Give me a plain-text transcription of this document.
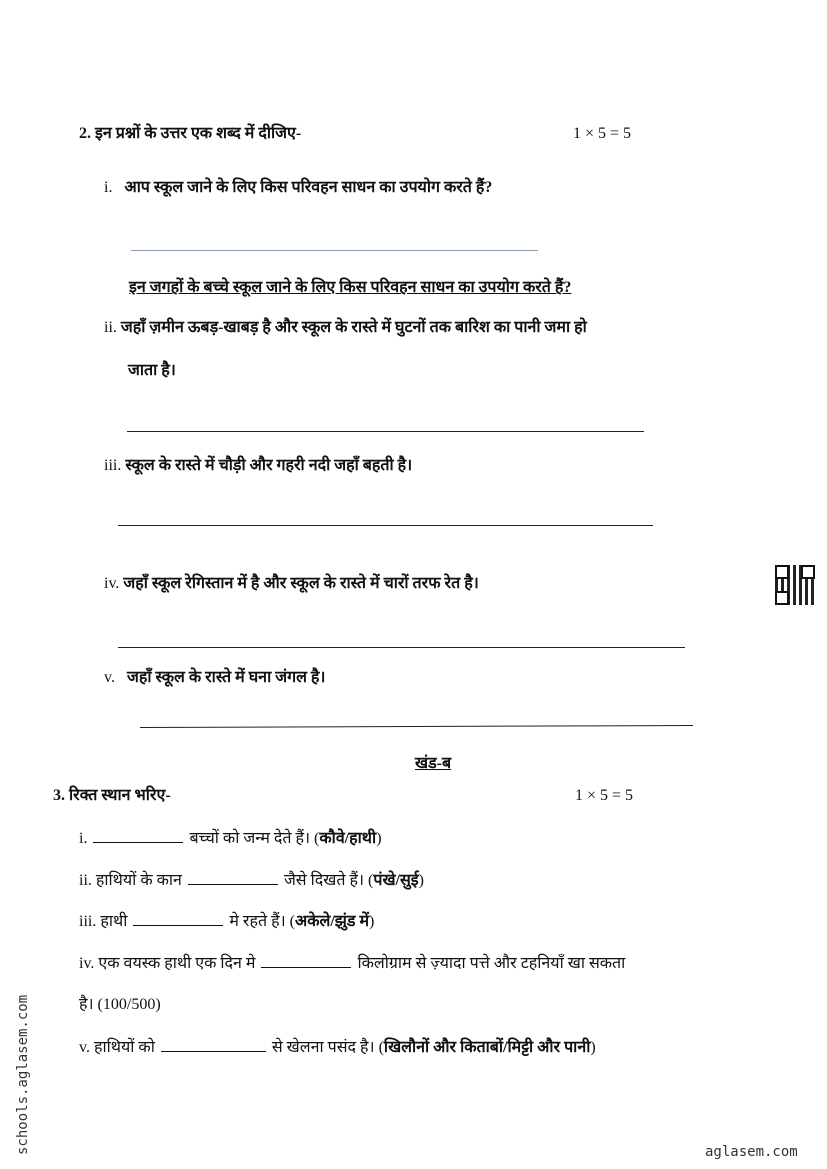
2. इन प्रश्नों के उत्तर एक शब्द में दीजिए-	1 × 5 = 5
i. आप स्कूल जाने के लिए किस परिवहन साधन का उपयोग करते हैं?
इन जगहों के बच्चे स्कूल जाने के लिए किस परिवहन साधन का उपयोग करते हैं?
ii. जहाँ ज़मीन ऊबड़-खाबड़ है और स्कूल के रास्ते में घुटनों तक बारिश का पानी जमा हो
जाता है।
iii. स्कूल के रास्ते में चौड़ी और गहरी नदी जहाँ बहती है।
iv. जहाँ स्कूल रेगिस्तान में है और स्कूल के रास्ते में चारों तरफ रेत है।
v. जहाँ स्कूल के रास्ते में घना जंगल है।
खंड-ब
3. रिक्त स्थान भरिए-	1 × 5 = 5
i.	बच्चों को जन्म देते हैं। (कौवे/हाथी)
ii. हाथियों के कान	जैसे दिखते हैं। (पंखे/सुई)
iii. हाथी	मे रहते हैं। (अकेले/झुंड में)
iv. एक वयस्क हाथी एक दिन मे	किलोग्राम से ज़्यादा पत्ते और टहनियाँ खा सकता
है। (100/500)
v. हाथियों को	से खेलना पसंद है। (खिलौनों और किताबों/मिट्टी और पानी)
schools.aglasem.com	aglasem.com
